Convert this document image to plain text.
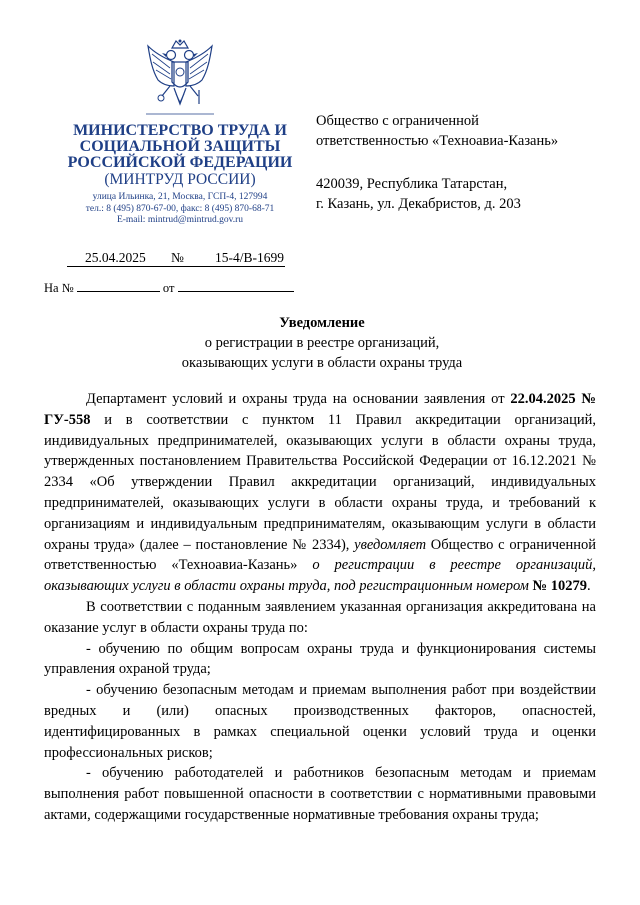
МИНИСТЕРСТВО ТРУДА И СОЦИАЛЬНОЙ ЗАЩИТЫ РОССИЙСКОЙ ФЕДЕРАЦИИ
(МИНТРУД РОССИИ)
улица Ильинка, 21, Москва, ГСП-4, 127994
тел.: 8 (495) 870-67-00, факс: 8 (495) 870-68-71
E-mail: mintrud@mintrud.gov.ru
25.04.2025 № 15-4/В-1699
На №	от

Общество с ограниченной

ответственностью «Техноавиа-Казань»

420039, Республика Татарстан,

г. Казань, ул. Декабристов, д. 203

Уведомление
о регистрации в реестре организаций,
оказывающих услуги в области охраны труда

Департамент условий и охраны труда на основании заявления от 22.04.2025 № ГУ-558 и в соответствии с пунктом 11 Правил аккредитации организаций, индивидуальных предпринимателей, оказывающих услуги в области охраны труда, утвержденных постановлением Правительства Российской Федерации от 16.12.2021 № 2334 «Об утверждении Правил аккредитации организаций, индивидуальных предпринимателей, оказывающих услуги в области охраны труда, и требований к организациям и индивидуальным предпринимателям, оказывающим услуги в области охраны труда» (далее – постановление № 2334), уведомляет Общество с ограниченной ответственностью «Техноавиа-Казань» о регистрации в реестре организаций, оказывающих услуги в области охраны труда, под регистрационным номером № 10279.

В соответствии с поданным заявлением указанная организация аккредитована на оказание услуг в области охраны труда по:

- обучению по общим вопросам охраны труда и функционирования системы управления охраной труда;

- обучению безопасным методам и приемам выполнения работ при воздействии вредных и (или) опасных производственных факторов, опасностей, идентифицированных в рамках специальной оценки условий труда и оценки профессиональных рисков;

- обучению работодателей и работников безопасным методам и приемам выполнения работ повышенной опасности в соответствии с нормативными правовыми актами, содержащими государственные нормативные требования охраны труда;
